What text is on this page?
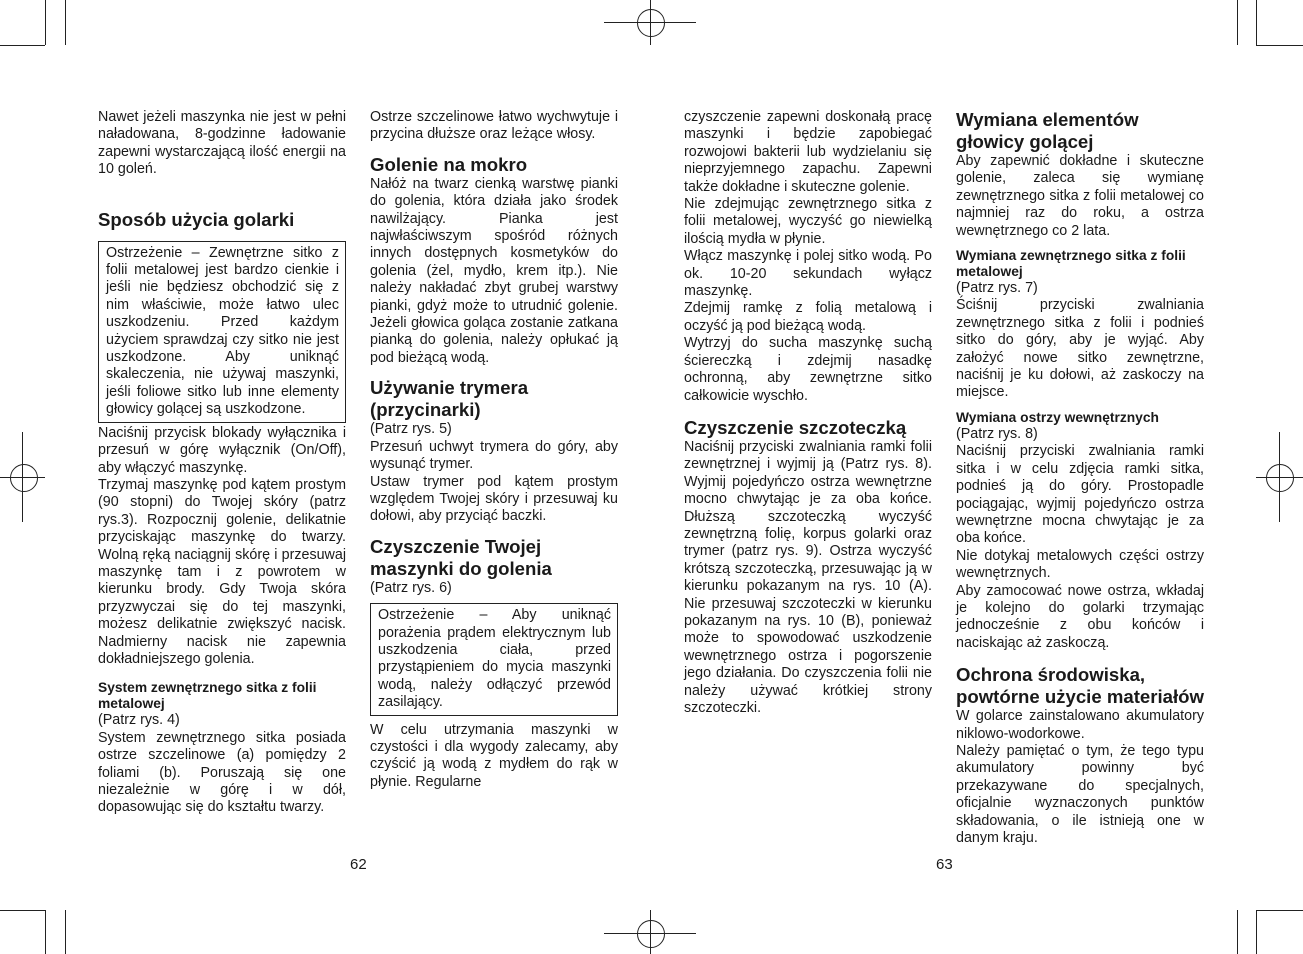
Nawet jeżeli maszynka nie jest w pełni naładowana, 8-godzinne ładowanie zapewni wystarczającą ilość energii na 10 goleń.

Sposób użycia golarki

Ostrzeżenie – Zewnętrzne sitko z folii metalowej jest bardzo cienkie i jeśli nie będziesz obchodzić się z nim właściwie, może łatwo ulec uszkodzeniu. Przed każdym użyciem sprawdzaj czy sitko nie jest uszkodzone. Aby uniknąć skaleczenia, nie używaj maszynki, jeśli foliowe sitko lub inne elementy głowicy golącej są uszkodzone.

Naciśnij przycisk blokady wyłącznika i przesuń w górę wyłącznik (On/Off), aby włączyć maszynkę.

Trzymaj maszynkę pod kątem prostym (90 stopni) do Twojej skóry (patrz rys.3). Rozpocznij golenie, delikatnie przyciskając maszynkę do twarzy. Wolną ręką naciągnij skórę i przesuwaj maszynkę tam i z powrotem w kierunku brody. Gdy Twoja skóra przyzwyczai się do tej maszynki, możesz delikatnie zwiększyć nacisk. Nadmierny nacisk nie zapewnia dokładniejszego golenia.

System zewnętrznego sitka z folii metalowej

(Patrz rys. 4)

System zewnętrznego sitka posiada ostrze szczelinowe (a) pomiędzy 2 foliami (b). Poruszają się one niezależnie w górę i w dół, dopasowując się do kształtu twarzy.

Ostrze szczelinowe łatwo wychwytuje i przycina dłuższe oraz leżące włosy.

Golenie na mokro

Nałóż na twarz cienką warstwę pianki do golenia, która działa jako środek nawilżający. Pianka jest najwłaściwszym spośród różnych innych dostępnych kosmetyków do golenia (żel, mydło, krem itp.). Nie należy nakładać zbyt grubej warstwy pianki, gdyż może to utrudnić golenie. Jeżeli głowica goląca zostanie zatkana pianką do golenia, należy opłukać ją pod bieżącą wodą.

Używanie trymera (przycinarki)

(Patrz rys. 5)

Przesuń uchwyt trymera do góry, aby wysunąć trymer.

Ustaw trymer pod kątem prostym względem Twojej skóry i przesuwaj ku dołowi, aby przyciąć baczki.

Czyszczenie Twojej maszynki do golenia

(Patrz rys. 6)

Ostrzeżenie – Aby uniknąć porażenia prądem elektrycznym lub uszkodzenia ciała, przed przystąpieniem do mycia maszynki wodą, należy odłączyć przewód zasilający.

W celu utrzymania maszynki w czystości i dla wygody zalecamy, aby czyścić ją wodą z mydłem do rąk w płynie. Regularne

czyszczenie zapewni doskonałą pracę maszynki i będzie zapobiegać rozwojowi bakterii lub wydzielaniu się nieprzyjemnego zapachu. Zapewni także dokładne i skuteczne golenie.

Nie zdejmując zewnętrznego sitka z folii metalowej, wyczyść go niewielką ilością mydła w płynie.

Włącz maszynkę i polej sitko wodą. Po ok. 10-20 sekundach wyłącz maszynkę.

Zdejmij ramkę z folią metalową i oczyść ją pod bieżącą wodą.

Wytrzyj do sucha maszynkę suchą ściereczką i zdejmij nasadkę ochronną, aby zewnętrzne sitko całkowicie wyschło.

Czyszczenie szczoteczką

Naciśnij przyciski zwalniania ramki folii zewnętrznej i wyjmij ją (Patrz rys. 8). Wyjmij pojedyńczo ostrza wewnętrzne mocno chwytając je za oba końce. Dłuższą szczoteczką wyczyść zewnętrzną folię, korpus golarki oraz trymer (patrz rys. 9). Ostrza wyczyść krótszą szczoteczką, przesuwając ją w kierunku pokazanym na rys. 10 (A). Nie przesuwaj szczoteczki w kierunku pokazanym na rys. 10 (B), ponieważ może to spowodować uszkodzenie wewnętrznego ostrza i pogorszenie jego działania. Do czyszczenia folii nie należy używać krótkiej strony szczoteczki.

Wymiana elementów głowicy golącej

Aby zapewnić dokładne i skuteczne golenie, zaleca się wymianę zewnętrznego sitka z folii metalowej co najmniej raz do roku, a ostrza wewnętrznego co 2 lata.

Wymiana zewnętrznego sitka z folii metalowej

(Patrz rys. 7)

Ściśnij przyciski zwalniania zewnętrznego sitka z folii i podnieś sitko do góry, aby je wyjąć. Aby założyć nowe sitko zewnętrzne, naciśnij je ku dołowi, aż zaskoczy na miejsce.

Wymiana ostrzy wewnętrznych

(Patrz rys. 8)

Naciśnij przyciski zwalniania ramki sitka i w celu zdjęcia ramki sitka, podnieś ją do góry. Prostopadle pociągając, wyjmij pojedyńczo ostrza wewnętrzne mocna chwytając je za oba końce.

Nie dotykaj metalowych części ostrzy wewnętrznych.

Aby zamocować nowe ostrza, wkładaj je kolejno do golarki trzymając jednocześnie z obu końców i naciskając aż zaskoczą.

Ochrona środowiska, powtórne użycie materiałów

W golarce zainstalowano akumulatory niklowo-wodorkowe.

Należy pamiętać o tym, że tego typu akumulatory powinny być przekazywane do specjalnych, oficjalnie wyznaczonych punktów składowania, o ile istnieją one w danym kraju.

62	63
